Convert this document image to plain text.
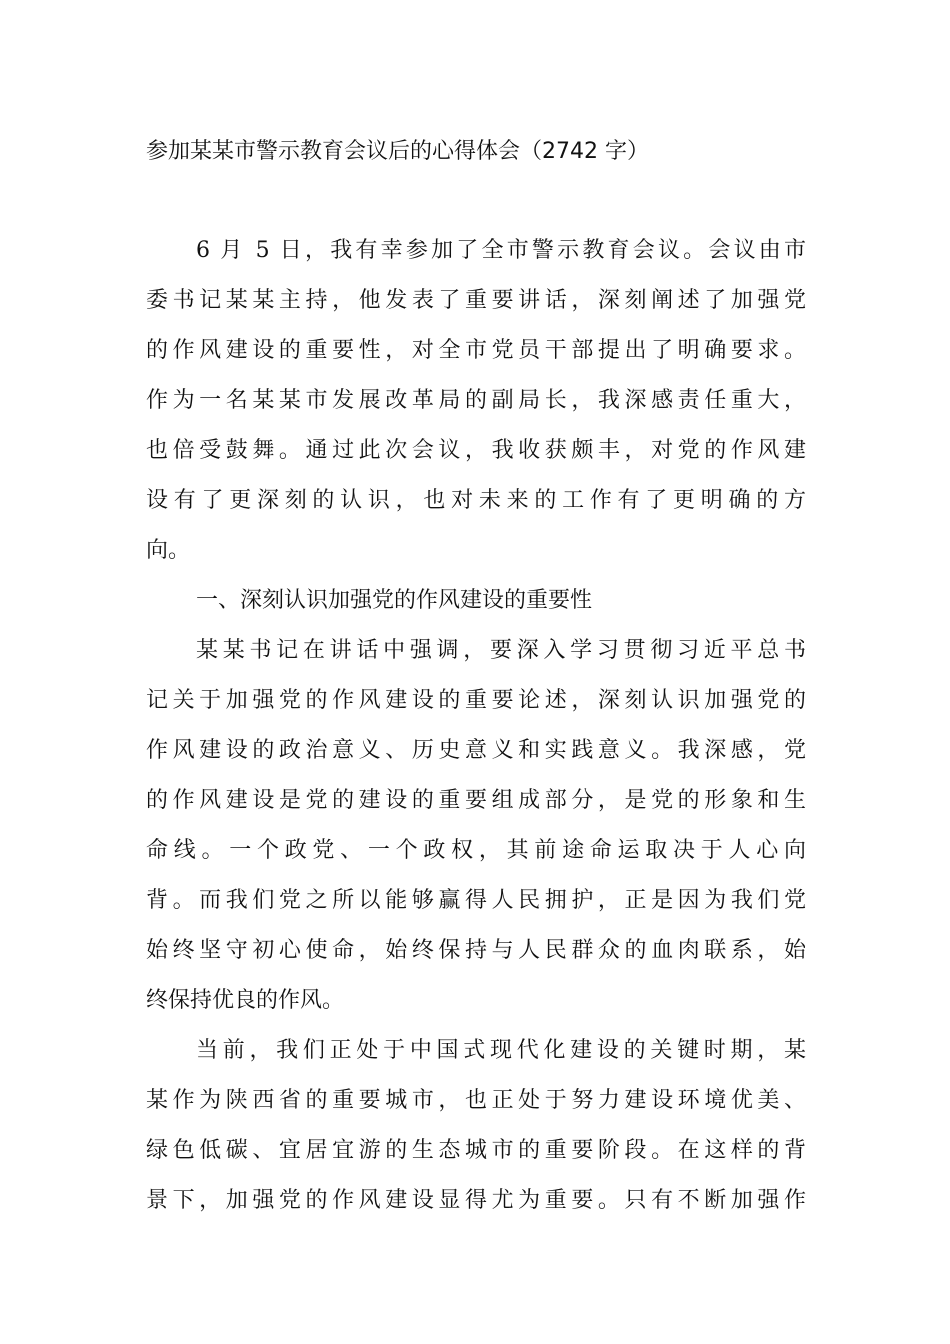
参加某某市警示教育会议后的心得体会（2742 字）
6 月 5 日，我有幸参加了全市警示教育会议。会议由市
委书记某某主持，他发表了重要讲话，深刻阐述了加强党
的作风建设的重要性，对全市党员干部提出了明确要求。
作为一名某某市发展改革局的副局长，我深感责任重大，
也倍受鼓舞。通过此次会议，我收获颇丰，对党的作风建
设有了更深刻的认识，也对未来的工作有了更明确的方
向。
一、深刻认识加强党的作风建设的重要性
某某书记在讲话中强调，要深入学习贯彻习近平总书
记关于加强党的作风建设的重要论述，深刻认识加强党的
作风建设的政治意义、历史意义和实践意义。我深感，党
的作风建设是党的建设的重要组成部分，是党的形象和生
命线。一个政党、一个政权，其前途命运取决于人心向
背。而我们党之所以能够赢得人民拥护，正是因为我们党
始终坚守初心使命，始终保持与人民群众的血肉联系，始
终保持优良的作风。
当前，我们正处于中国式现代化建设的关键时期，某
某作为陕西省的重要城市，也正处于努力建设环境优美、
绿色低碳、宜居宜游的生态城市的重要阶段。在这样的背
景下，加强党的作风建设显得尤为重要。只有不断加强作
